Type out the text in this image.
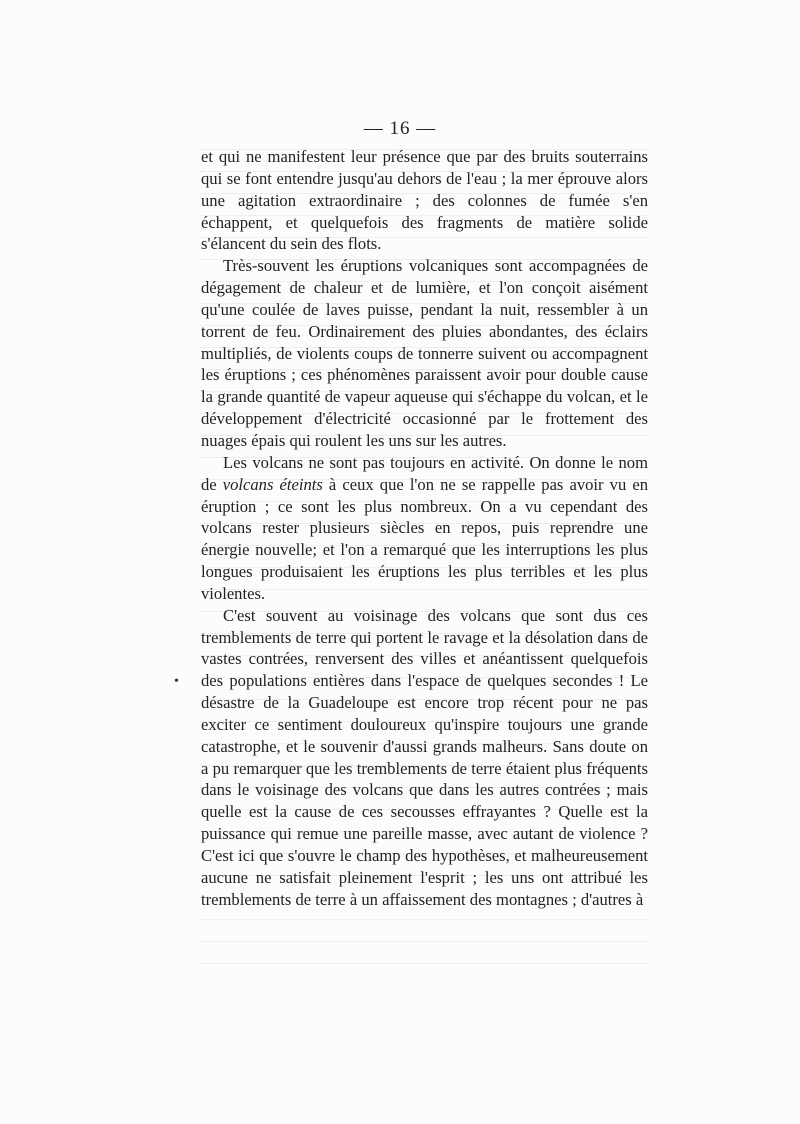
— 16 —
•

et qui ne manifestent leur présence que par des bruits souterrains qui se font entendre jusqu'au dehors de l'eau ; la mer éprouve alors une agitation extraordinaire ; des colonnes de fumée s'en échappent, et quelquefois des fragments de matière solide s'élancent du sein des flots.

Très-souvent les éruptions volcaniques sont accompagnées de dégagement de chaleur et de lumière, et l'on conçoit aisément qu'une coulée de laves puisse, pendant la nuit, ressembler à un torrent de feu. Ordinairement des pluies abondantes, des éclairs multipliés, de violents coups de tonnerre suivent ou accompagnent les éruptions ; ces phénomènes paraissent avoir pour double cause la grande quantité de vapeur aqueuse qui s'échappe du volcan, et le développement d'électricité occasionné par le frottement des nuages épais qui roulent les uns sur les autres.

Les volcans ne sont pas toujours en activité. On donne le nom de volcans éteints à ceux que l'on ne se rappelle pas avoir vu en éruption ; ce sont les plus nombreux. On a vu cependant des volcans rester plusieurs siècles en repos, puis reprendre une énergie nouvelle; et l'on a remarqué que les interruptions les plus longues produisaient les éruptions les plus terribles et les plus violentes.

C'est souvent au voisinage des volcans que sont dus ces tremblements de terre qui portent le ravage et la désolation dans de vastes contrées, renversent des villes et anéantissent quelquefois des populations entières dans l'espace de quelques secondes ! Le désastre de la Guadeloupe est encore trop récent pour ne pas exciter ce sentiment douloureux qu'inspire toujours une grande catastrophe, et le souvenir d'aussi grands malheurs. Sans doute on a pu remarquer que les tremblements de terre étaient plus fréquents dans le voisinage des volcans que dans les autres contrées ; mais quelle est la cause de ces secousses effrayantes ? Quelle est la puissance qui remue une pareille masse, avec autant de violence ? C'est ici que s'ouvre le champ des hypothèses, et malheureusement aucune ne satisfait pleinement l'esprit ; les uns ont attribué les tremblements de terre à un affaissement des montagnes ; d'autres à
